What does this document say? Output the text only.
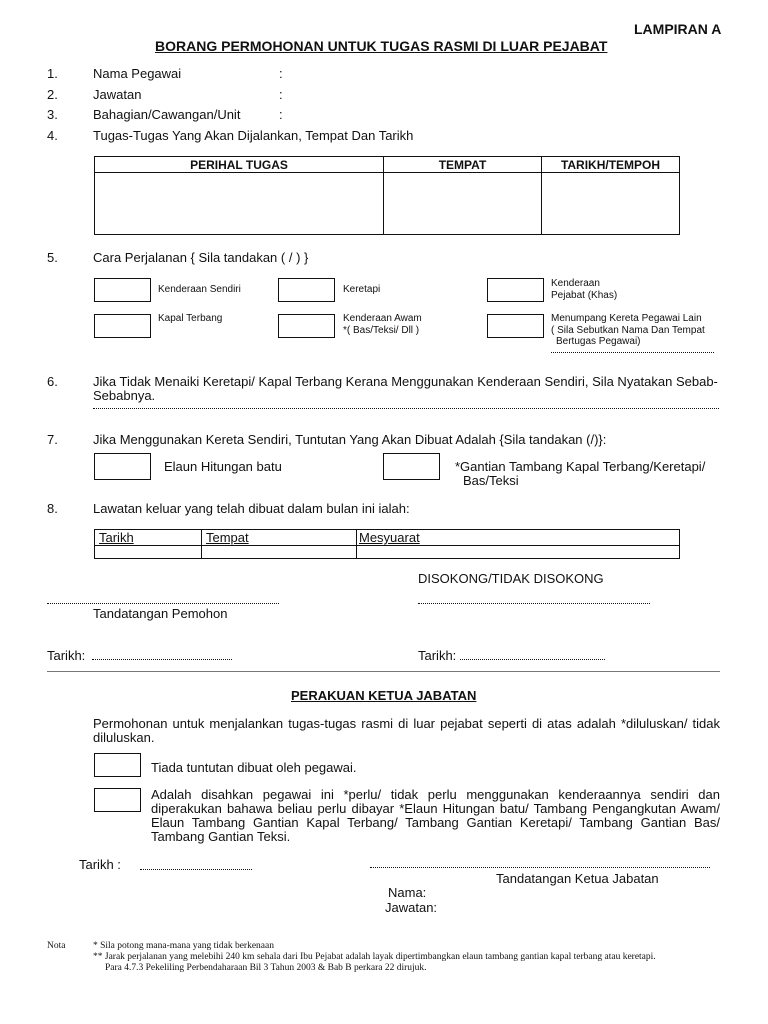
LAMPIRAN A
BORANG PERMOHONAN UNTUK TUGAS RASMI DI LUAR PEJABAT
1.	Nama Pegawai	:
2.	Jawatan	:
3.	Bahagian/Cawangan/Unit	:
4.	Tugas-Tugas Yang Akan Dijalankan, Tempat Dan Tarikh
PERIHAL TUGAS	TEMPAT	TARIKH/TEMPOH

5.	Cara Perjalanan { Sila tandakan ( / ) }
Kenderaan Sendiri	Keretapi
Kenderaan
Pejabat (Khas)
Kapal Terbang	Kenderaan Awam
*( Bas/Teksi/ Dll )
Menumpang Kereta Pegawai Lain
( Sila Sebutkan Nama Dan Tempat
Bertugas Pegawai)
6.	Jika Tidak Menaiki Keretapi/ Kapal Terbang Kerana Menggunakan Kenderaan Sendiri, Sila Nyatakan Sebab-
Sebabnya.
7.	Jika Menggunakan Kereta Sendiri, Tuntutan Yang Akan Dibuat Adalah {Sila tandakan (/)}:
Elaun Hitungan batu	*Gantian Tambang Kapal Terbang/Keretapi/
Bas/Teksi
8.	Lawatan keluar yang telah dibuat dalam bulan ini ialah:
Tarikh	Tempat	Mesyuarat

DISOKONG/TIDAK DISOKONG
Tandatangan Pemohon
Tarikh:	Tarikh:
PERAKUAN KETUA JABATAN
Permohonan untuk menjalankan tugas-tugas rasmi di luar pejabat seperti di atas adalah *diluluskan/ tidak diluluskan.
Tiada tuntutan dibuat oleh pegawai.
Adalah disahkan pegawai ini *perlu/ tidak perlu menggunakan kenderaannya sendiri dan diperakukan bahawa beliau perlu dibayar *Elaun Hitungan batu/ Tambang Pengangkutan Awam/ Elaun Tambang Gantian Kapal Terbang/ Tambang Gantian Keretapi/ Tambang Gantian Bas/ Tambang Gantian Teksi.
Tarikh :
Tandatangan Ketua Jabatan
Nama:
Jawatan:
Nota	* Sila potong mana-mana yang tidak berkenaan
** Jarak perjalanan yang melebihi 240 km sehala dari Ibu Pejabat adalah layak dipertimbangkan elaun tambang gantian kapal terbang atau keretapi.
Para 4.7.3 Pekeliling Perbendaharaan Bil 3 Tahun 2003 & Bab B perkara 22 dirujuk.
